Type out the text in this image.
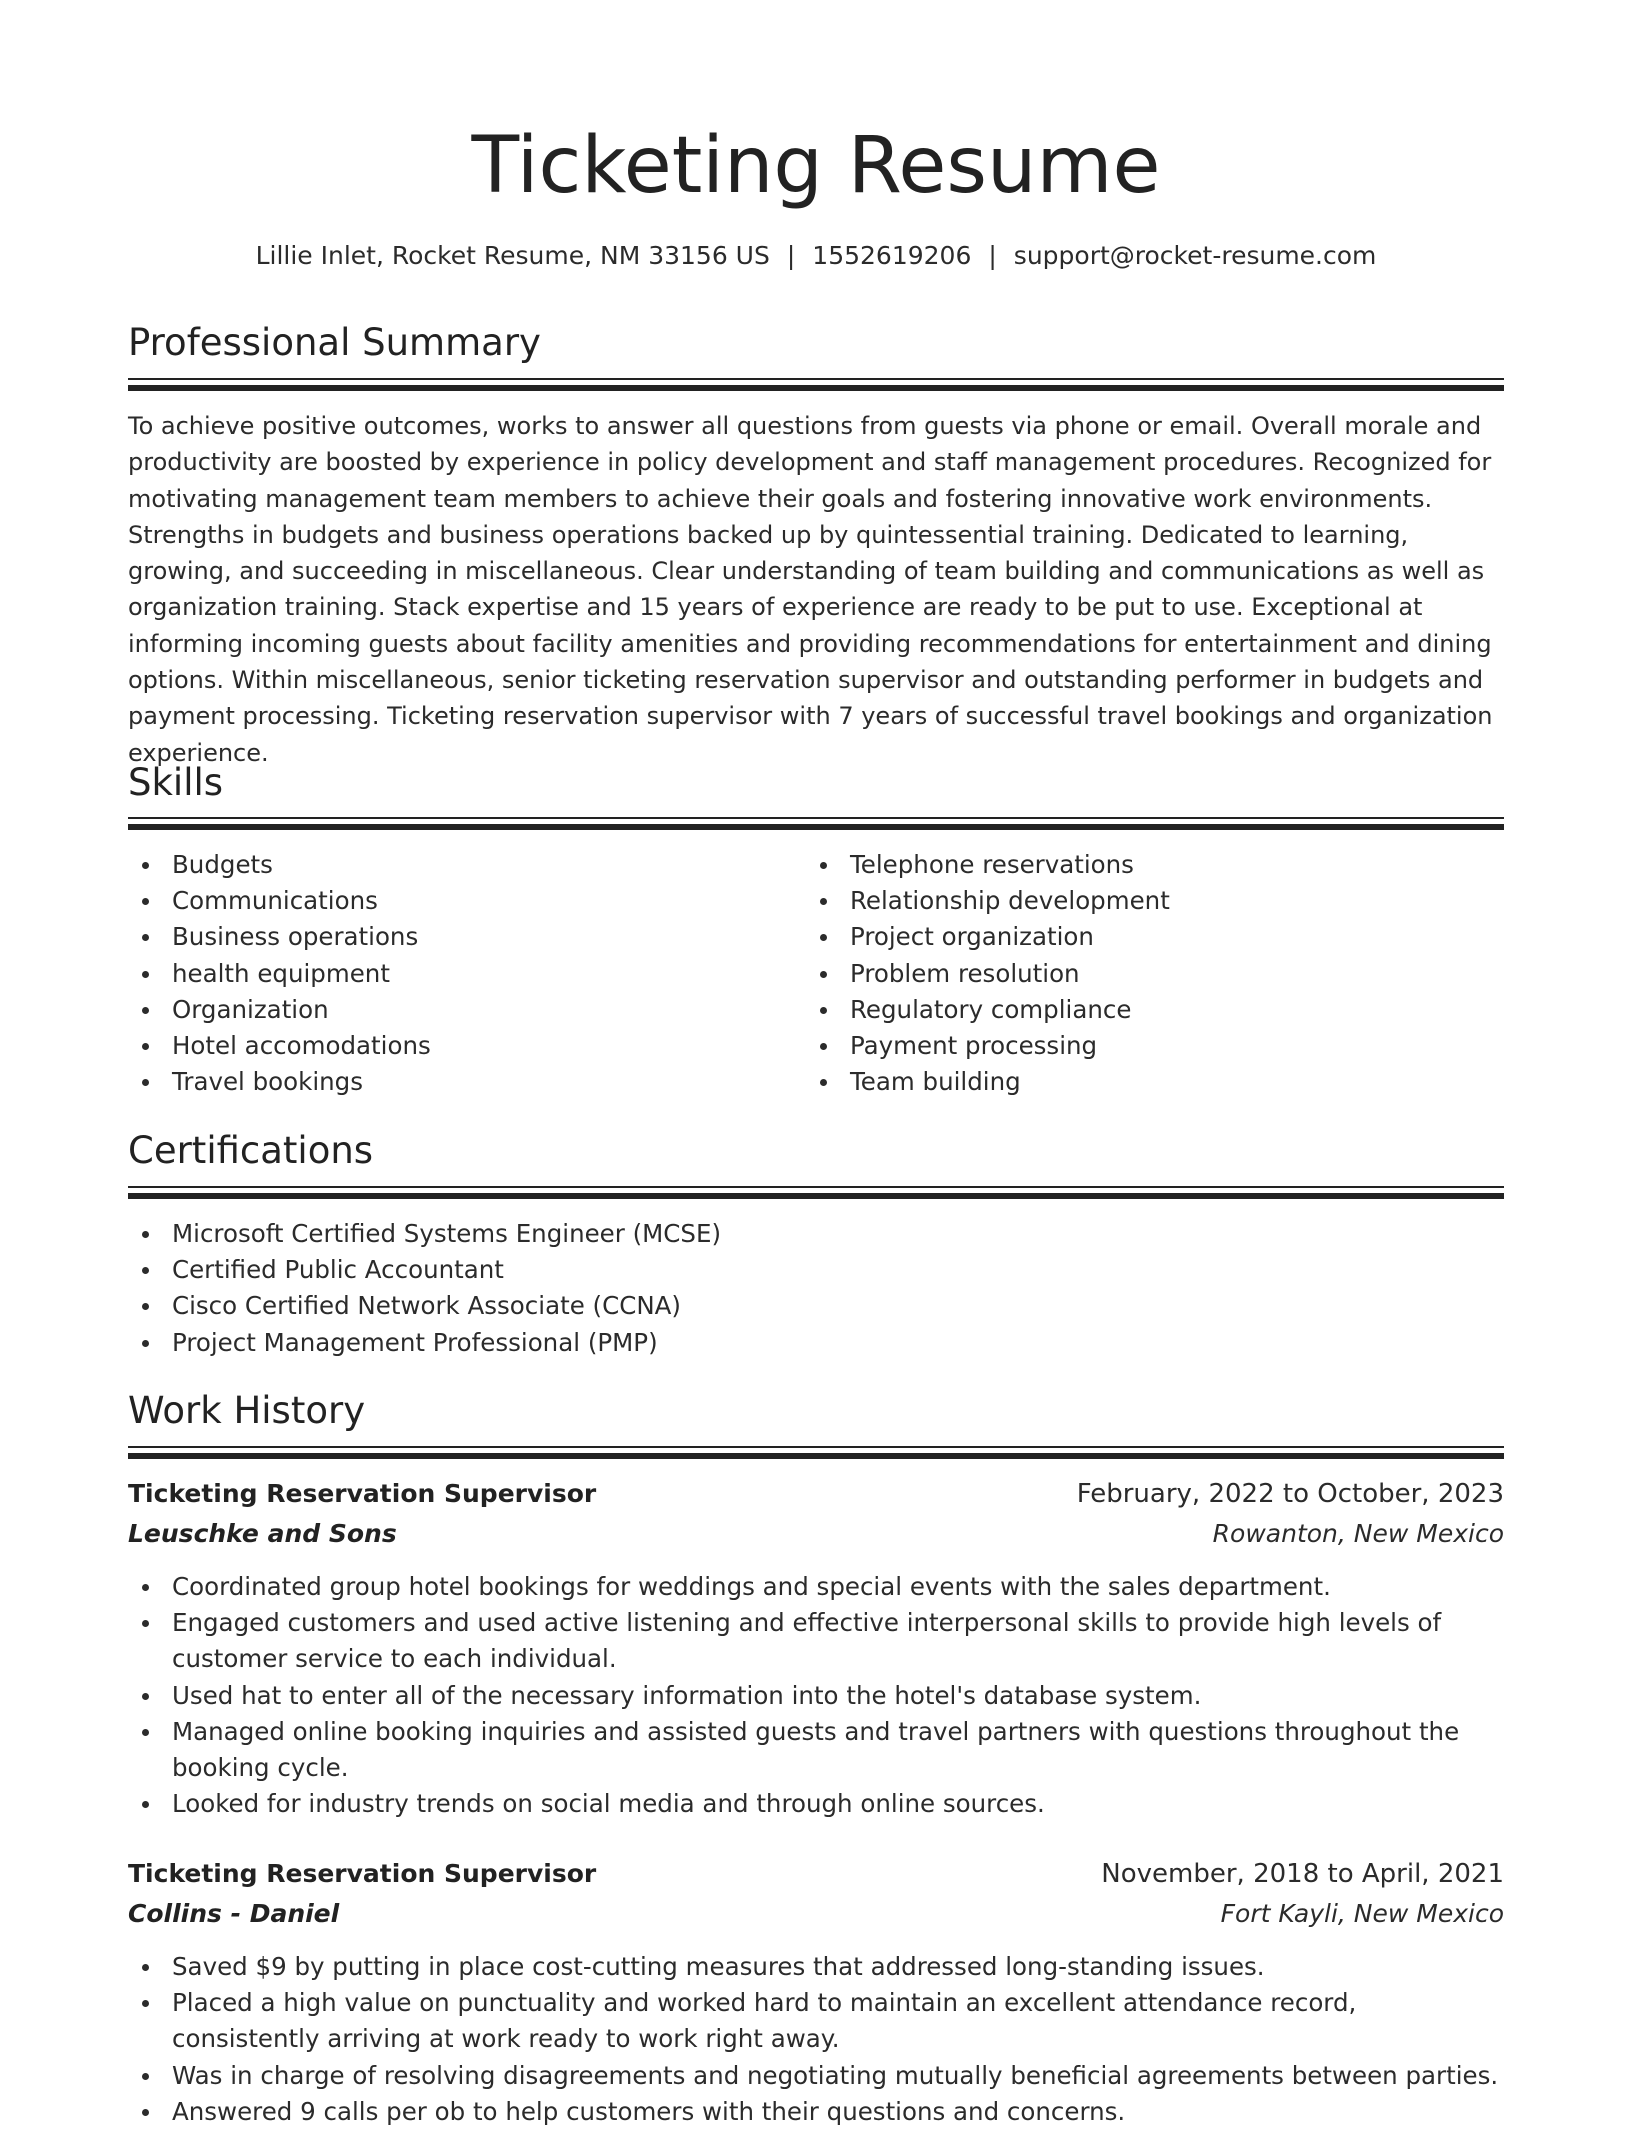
Ticketing Resume
Lillie Inlet, Rocket Resume, NM 33156 US | 1552619206 | support@rocket-resume.com
Professional Summary

To achieve positive outcomes, works to answer all questions from guests via phone or email. Overall morale and productivity are boosted by experience in policy development and staff management procedures. Recognized for motivating management team members to achieve their goals and fostering innovative work environments. Strengths in budgets and business operations backed up by quintessential training. Dedicated to learning, growing, and succeeding in miscellaneous. Clear understanding of team building and communications as well as organization training. Stack expertise and 15 years of experience are ready to be put to use. Exceptional at informing incoming guests about facility amenities and providing recommendations for entertainment and dining options. Within miscellaneous, senior ticketing reservation supervisor and outstanding performer in budgets and payment processing. Ticketing reservation supervisor with 7 years of successful travel bookings and organization experience.

Skills
Budgets
Communications
Business operations
health equipment
Organization
Hotel accomodations
Travel bookings
Telephone reservations
Relationship development
Project organization
Problem resolution
Regulatory compliance
Payment processing
Team building
Certifications
Microsoft Certified Systems Engineer (MCSE)
Certified Public Accountant
Cisco Certified Network Associate (CCNA)
Project Management Professional (PMP)
Work History
Ticketing Reservation Supervisor	February, 2022 to October, 2023
Leuschke and Sons	Rowanton, New Mexico
Coordinated group hotel bookings for weddings and special events with the sales department.
Engaged customers and used active listening and effective interpersonal skills to provide high levels of customer service to each individual.
Used hat to enter all of the necessary information into the hotel's database system.
Managed online booking inquiries and assisted guests and travel partners with questions throughout the booking cycle.
Looked for industry trends on social media and through online sources.
Ticketing Reservation Supervisor	November, 2018 to April, 2021
Collins - Daniel	Fort Kayli, New Mexico
Saved $9 by putting in place cost-cutting measures that addressed long-standing issues.
Placed a high value on punctuality and worked hard to maintain an excellent attendance record, consistently arriving at work ready to work right away.
Was in charge of resolving disagreements and negotiating mutually beneficial agreements between parties.
Answered 9 calls per ob to help customers with their questions and concerns.
